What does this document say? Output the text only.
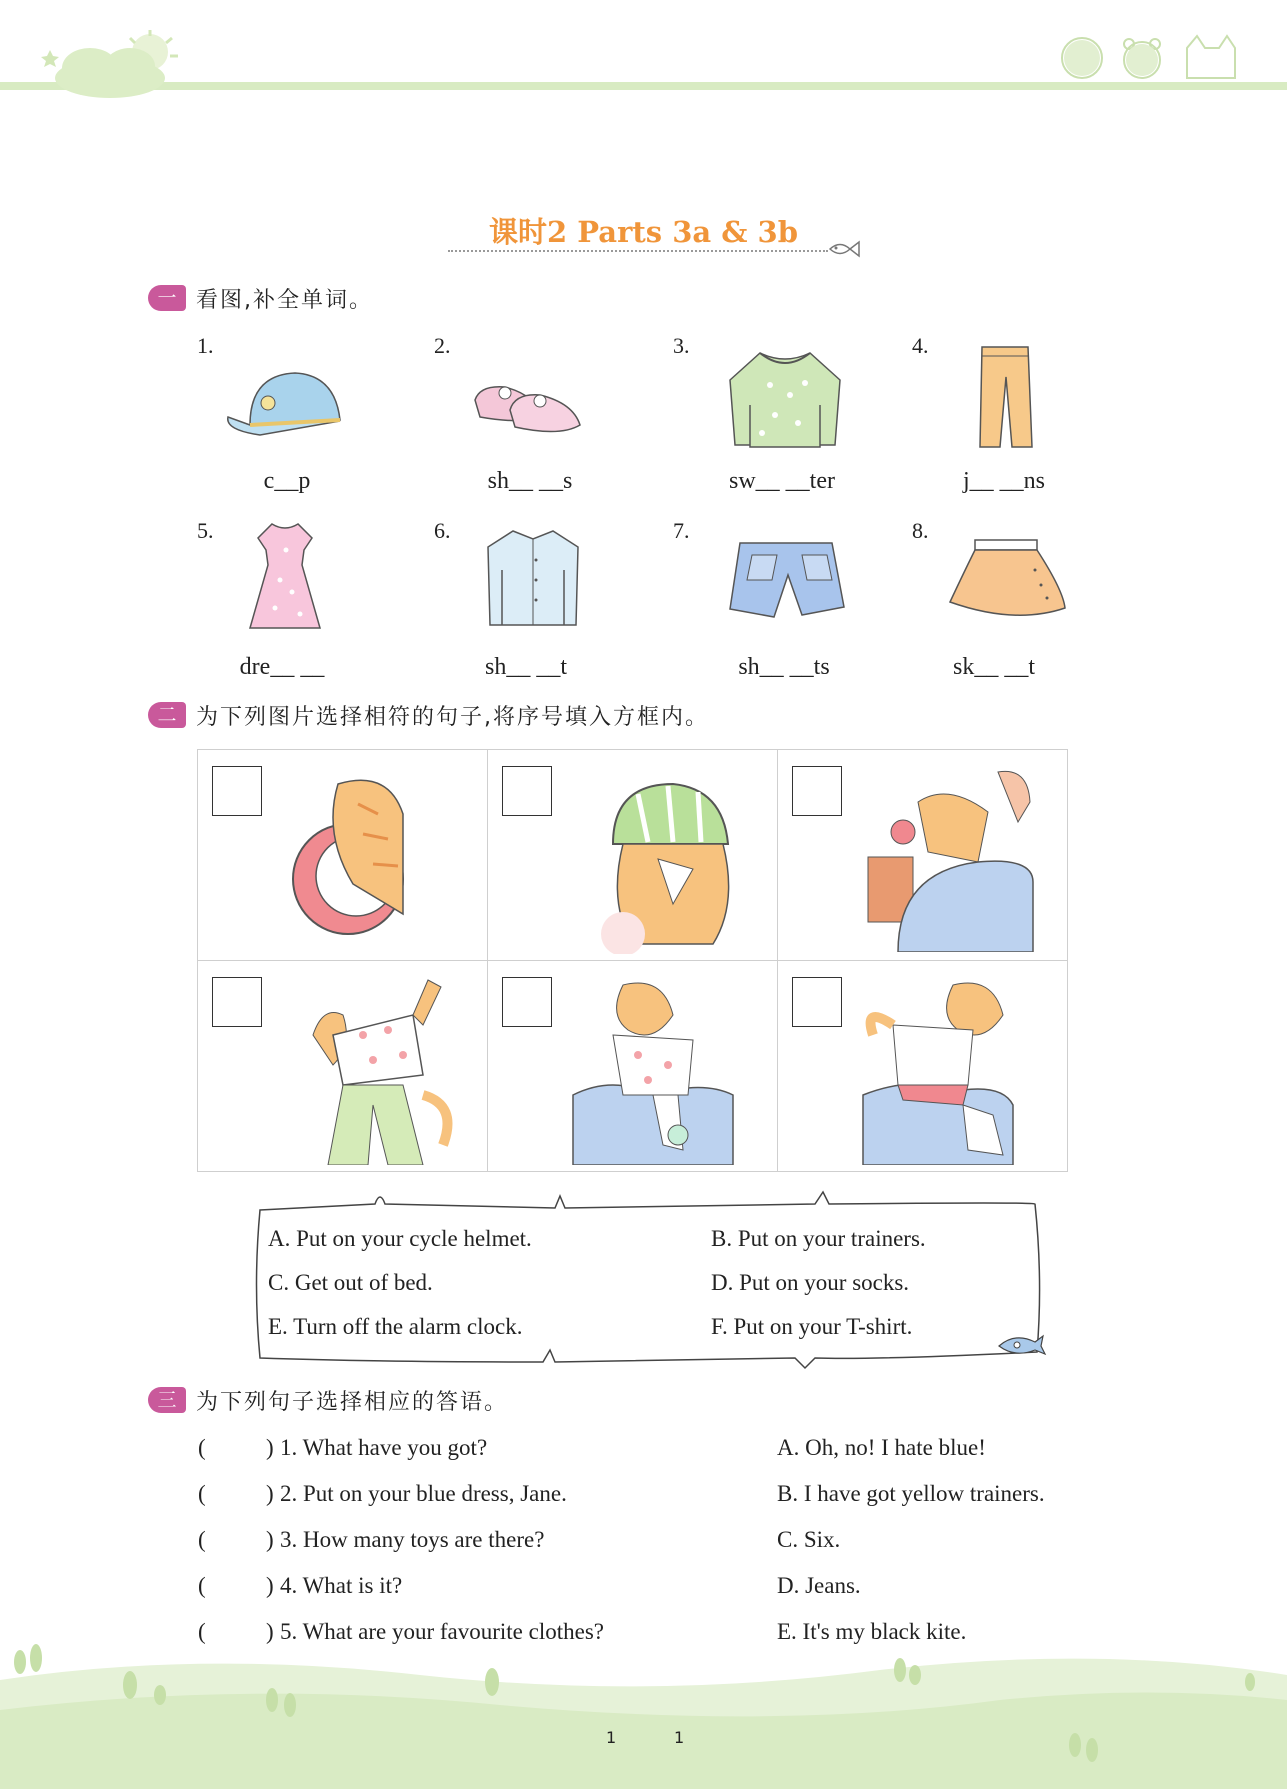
课时2 Parts 3a & 3b
一 看图,补全单词。
1.
c__p
2.
sh__ __s
3.
sw__ __ter
4.
j__ __ns
5.
dre__ __
6.
sh__ __t
7.
sh__ __ts
8.
sk__ __t
二 为下列图片选择相符的句子,将序号填入方框内。
A. Put on your cycle helmet.	B. Put on your trainers.
C. Get out of bed.	D. Put on your socks.
E. Turn off the alarm clock.	F. Put on your T-shirt.
三 为下列句子选择相应的答语。
(	) 1. What have you got?	A. Oh, no! I hate blue!
(	) 2. Put on your blue dress, Jane.	B. I have got yellow trainers.
(	) 3. How many toys are there?	C. Six.
(	) 4. What is it?	D. Jeans.
(	) 5. What are your favourite clothes?	E. It's my black kite.
1	1
